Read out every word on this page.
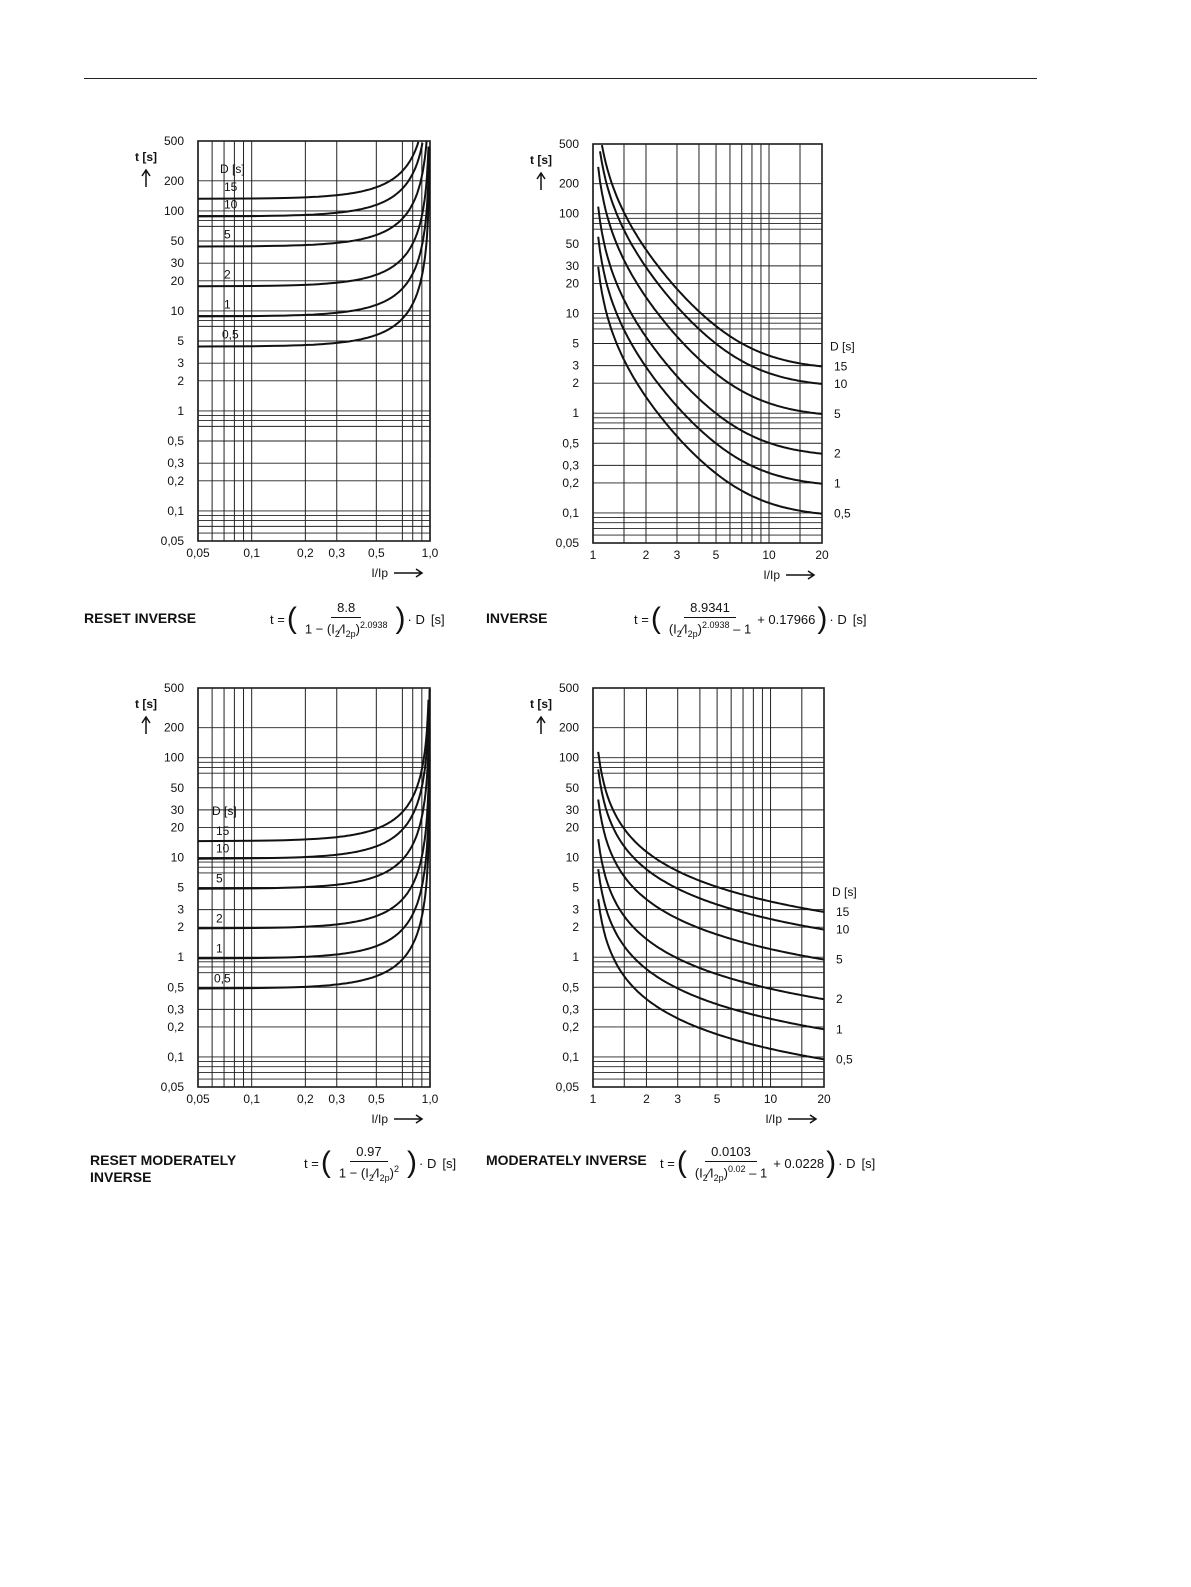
500
200
100
50
30
20
10
5
3
2
1
0,5
0,3
0,2
0,1
0,05
0,05	0,1	0,2 0,3 0,5	1,0
t [s]
I/Ip
15
10
5
2
1
0,5
D [s]
500
200
100
50
30
20
10
5
3
2
1
0,5
0,3
0,2
0,1
0,05
1	2 3	5	10	20
t [s]
I/Ip
15
10
5
2
1
0,5
D [s]
500
200
100
50
30
20
10
5
3
2
1
0,5
0,3
0,2
0,1
0,05
0,05	0,1	0,2 0,3 0,5	1,0
t [s]
I/Ip
15
10
5
2
1
0,5
D [s]
500
200
100
50
30
20
10
5
3
2
1
0,5
0,3
0,2
0,1
0,05
1	2 3	5	10	20
t [s]
I/Ip
15
10
5
2
1
0,5
D [s]
RESET INVERSE	t = ( $\frac{8.8}{1 - (I_2⁄I_{2p})^{2.0938}}$ ) · D [s]	INVERSE	t = ( $\frac{8.9341}{(I_2⁄I_{2p})^{2.0938} - 1} + 0.17966$ ) · D [s]
RESET MODERATELY INVERSE
t = ( $\frac{0.97}{1 - (I_2⁄I_{2p})^2}$ ) · D [s] MODERATELY INVERSE t = ( $\frac{0.0103}{(I_2⁄I_{2p})^{0.02} - 1} + 0.0228$ ) · D [s]
